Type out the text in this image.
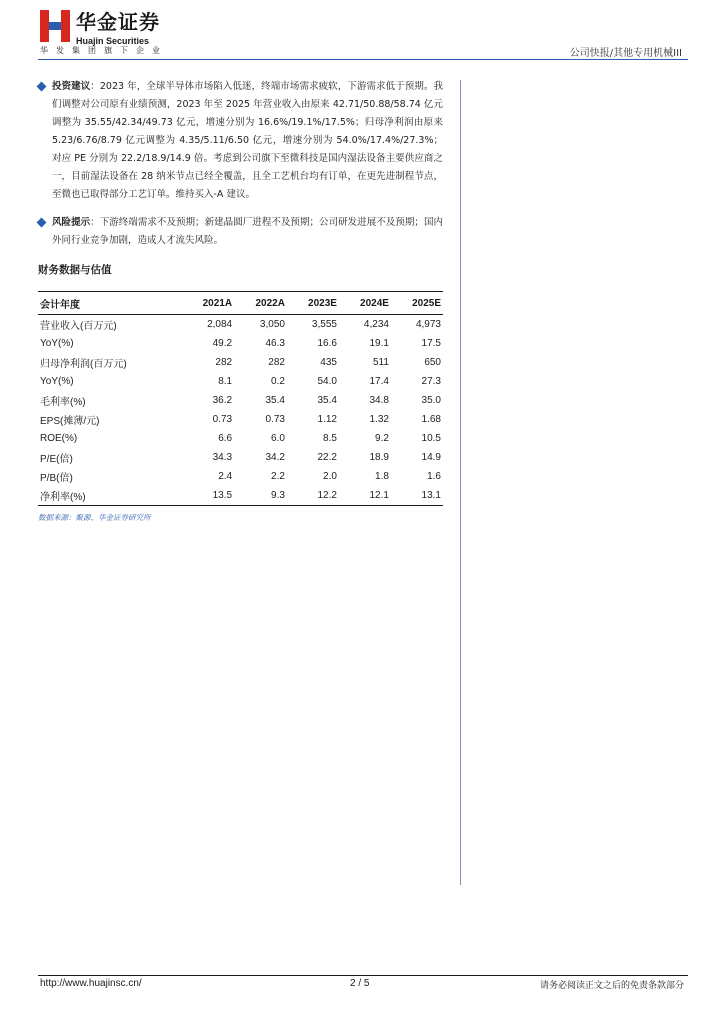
华金证券
Huajin Securities
华发集团旗下企业	公司快报/其他专用机械III
投资建议：2023 年，全球半导体市场陷入低迷，终端市场需求疲软，下游需求低于预期。我们调整对公司原有业绩预测，2023 年至 2025 年营业收入由原来 42.71/50.88/58.74 亿元调整为 35.55/42.34/49.73 亿元，增速分别为 16.6%/19.1%/17.5%；归母净利润由原来 5.23/6.76/8.79 亿元调整为 4.35/5.11/6.50 亿元，增速分别为 54.0%/17.4%/27.3%；对应 PE 分别为 22.2/18.9/14.9 倍。考虑到公司旗下至微科技是国内湿法设备主要供应商之一，目前湿法设备在 28 纳米节点已经全覆盖，且全工艺机台均有订单，在更先进制程节点，至微也已取得部分工艺订单。维持买入-A 建议。
风险提示：下游终端需求不及预期；新建晶圆厂进程不及预期；公司研发进展不及预期；国内外同行业竞争加剧，造成人才流失风险。
财务数据与估值
会计年度	2021A	2022A	2023E	2024E	2025E
营业收入(百万元)	2,084	3,050	3,555	4,234	4,973
YoY(%)	49.2	46.3	16.6	19.1	17.5
归母净利润(百万元)	282	282	435	511	650
YoY(%)	8.1	0.2	54.0	17.4	27.3
毛利率(%)	36.2	35.4	35.4	34.8	35.0
EPS(摊薄/元)	0.73	0.73	1.12	1.32	1.68
ROE(%)	6.6	6.0	8.5	9.2	10.5
P/E(倍)	34.3	34.2	22.2	18.9	14.9
P/B(倍)	2.4	2.2	2.0	1.8	1.6
净利率(%)	13.5	9.3	12.2	12.1	13.1
数据来源：聚源、华金证券研究所
http://www.huajinsc.cn/	2 / 5	请务必阅读正文之后的免责条款部分
